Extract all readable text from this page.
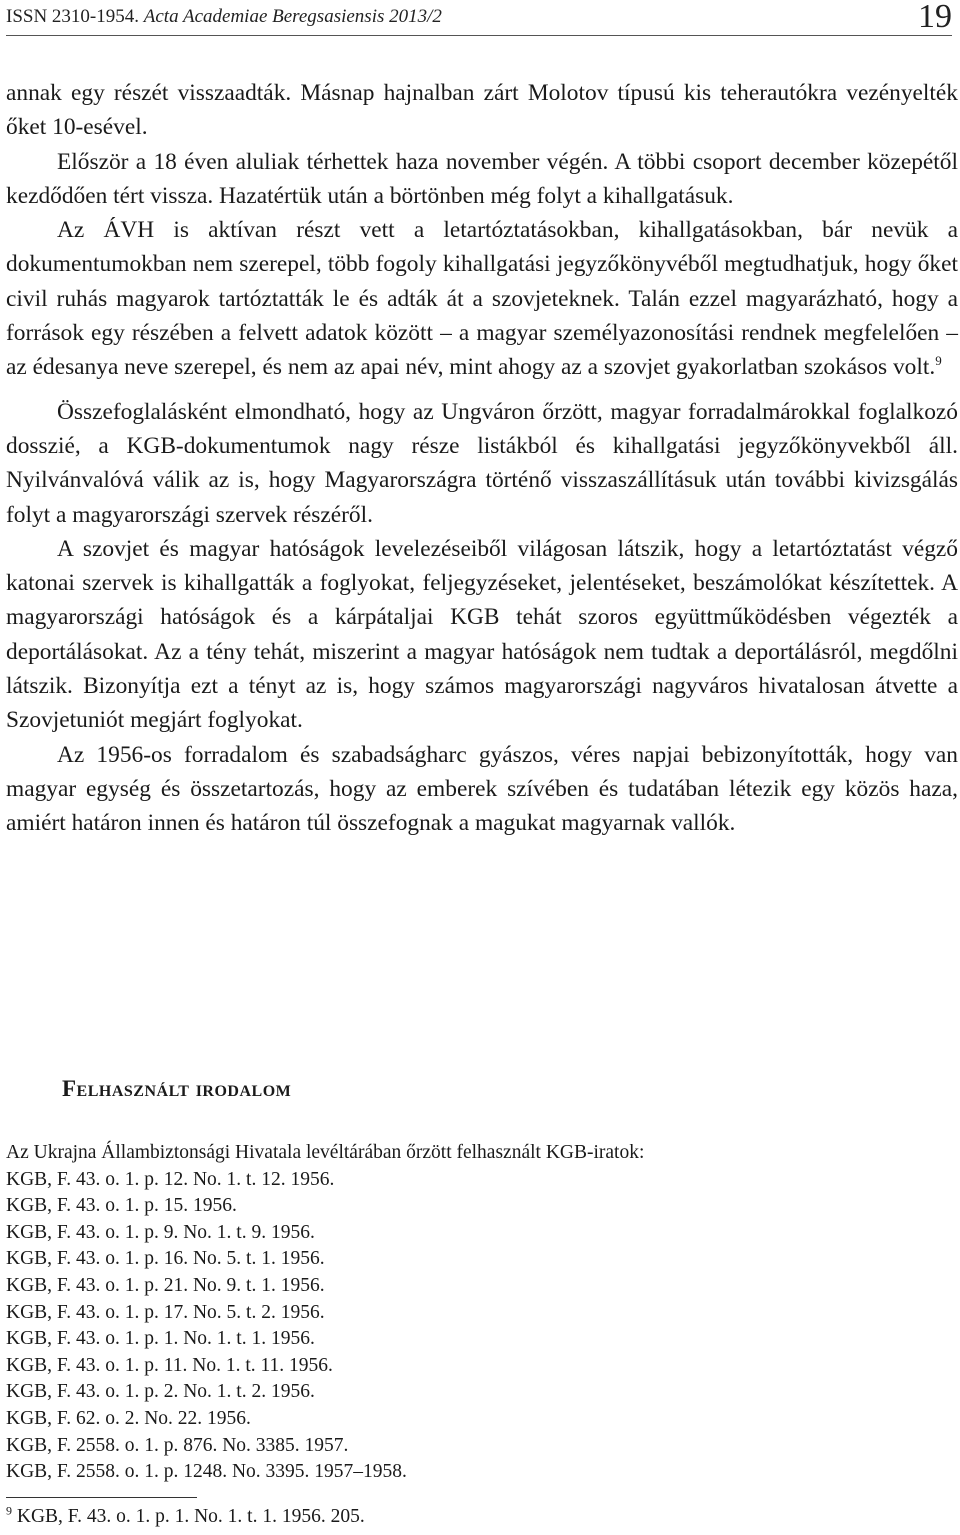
ISSN 2310-1954. Acta Academiae Beregsasiensis 2013/2	19

annak egy részét visszaadták. Másnap hajnalban zárt Molotov típusú kis teherautókra vezényelték őket 10-esével.

Először a 18 éven aluliak térhettek haza november végén. A többi csoport december közepétől kezdődően tért vissza. Hazatértük után a börtönben még folyt a kihallgatásuk.

Az ÁVH is aktívan részt vett a letartóztatásokban, kihallgatásokban, bár nevük a dokumentumokban nem szerepel, több fogoly kihallgatási jegyzőkönyvéből megtudhatjuk, hogy őket civil ruhás magyarok tartóztatták le és adták át a szovjeteknek. Talán ezzel magyarázható, hogy a források egy részében a felvett adatok között – a magyar személyazonosítási rendnek megfelelően – az édesanya neve szerepel, és nem az apai név, mint ahogy az a szovjet gyakorlatban szokásos volt.$^9$

Összefoglalásként elmondható, hogy az Ungváron őrzött, magyar forradalmárokkal foglalkozó dosszié, a KGB-dokumentumok nagy része listákból és kihallgatási jegyzőkönyvekből áll. Nyilvánvalóvá válik az is, hogy Magyarországra történő visszaszállításuk után további kivizsgálás folyt a magyarországi szervek részéről.

A szovjet és magyar hatóságok levelezéseiből világosan látszik, hogy a letartóztatást végző katonai szervek is kihallgatták a foglyokat, feljegyzéseket, jelentéseket, beszámolókat készítettek. A magyarországi hatóságok és a kárpátaljai KGB tehát szoros együttműködésben végezték a deportálásokat. Az a tény tehát, miszerint a magyar hatóságok nem tudtak a deportálásról, megdőlni látszik. Bizonyítja ezt a tényt az is, hogy számos magyarországi nagyváros hivatalosan átvette a Szovjetuniót megjárt foglyokat.

Az 1956-os forradalom és szabadságharc gyászos, véres napjai bebizonyították, hogy van magyar egység és összetartozás, hogy az emberek szívében és tudatában létezik egy közös haza, amiért határon innen és határon túl összefognak a magukat magyarnak vallók.

Felhasznált irodalom
Az Ukrajna Állambiztonsági Hivatala levéltárában őrzött felhasznált KGB-iratok:
KGB, F. 43. o. 1. p. 12. No. 1. t. 12. 1956.
KGB, F. 43. o. 1. p. 15. 1956.
KGB, F. 43. o. 1. p. 9. No. 1. t. 9. 1956.
KGB, F. 43. o. 1. p. 16. No. 5. t. 1. 1956.
KGB, F. 43. o. 1. p. 21. No. 9. t. 1. 1956.
KGB, F. 43. o. 1. p. 17. No. 5. t. 2. 1956.
KGB, F. 43. o. 1. p. 1. No. 1. t. 1. 1956.
KGB, F. 43. o. 1. p. 11. No. 1. t. 11. 1956.
KGB, F. 43. o. 1. p. 2. No. 1. t. 2. 1956.
KGB, F. 62. o. 2. No. 22. 1956.
KGB, F. 2558. o. 1. p. 876. No. 3385. 1957.
KGB, F. 2558. o. 1. p. 1248. No. 3395. 1957–1958.
$^9$ KGB, F. 43. o. 1. p. 1. No. 1. t. 1. 1956. 205.
